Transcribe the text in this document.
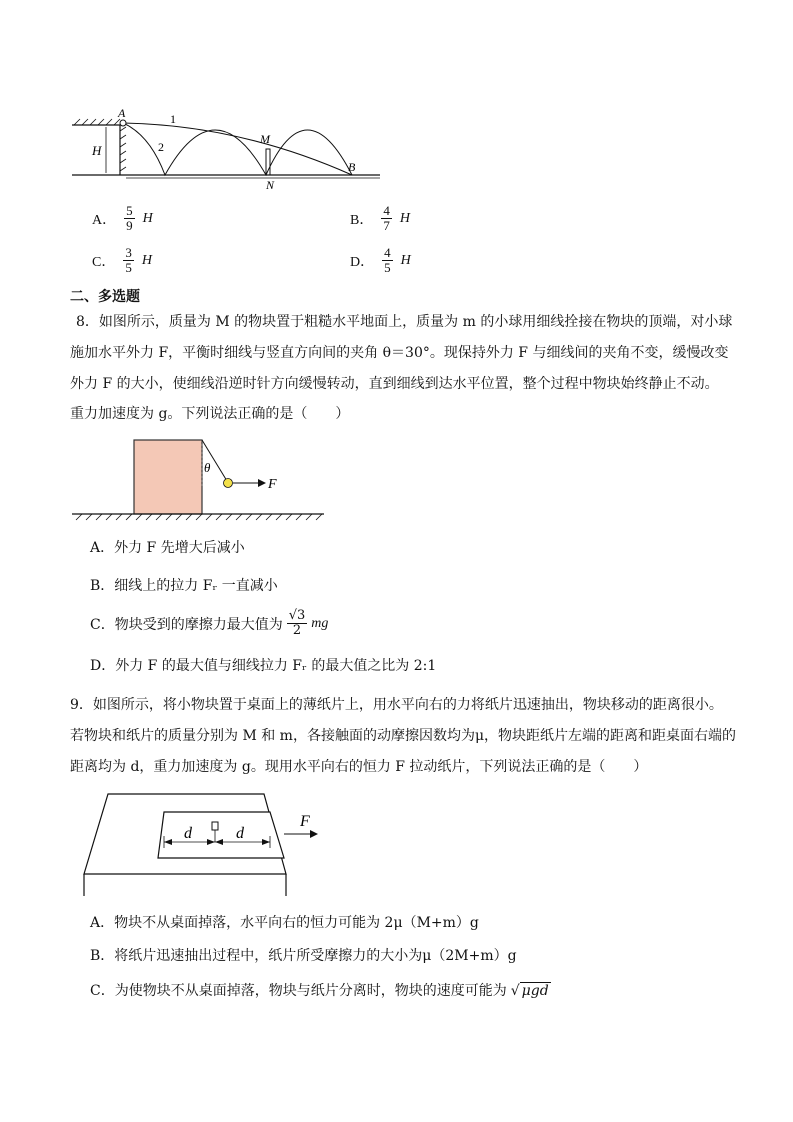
A
H
1
2
M
N
B
A． $\frac{5}{9}$ H	B． $\frac{4}{7}$ H
C． $\frac{3}{5}$ H	D． $\frac{4}{5}$ H
二、多选题
8．如图所示，质量为 M 的物块置于粗糙水平地面上，质量为 m 的小球用细线拴接在物块的顶端，对小球
施加水平外力 F，平衡时细线与竖直方向间的夹角 θ＝30°。现保持外力 F 与细线间的夹角不变，缓慢改变
外力 F 的大小，使细线沿逆时针方向缓慢转动，直到细线到达水平位置，整个过程中物块始终静止不动。
重力加速度为 g。下列说法正确的是（　　）
θ
F
A．外力 F 先增大后减小
B．细线上的拉力 Fᵣ 一直减小
C．物块受到的摩擦力最大值为 $\frac{√3}{2}$ mg
D．外力 F 的最大值与细线拉力 Fᵣ 的最大值之比为 2:1
9．如图所示，将小物块置于桌面上的薄纸片上，用水平向右的力将纸片迅速抽出，物块移动的距离很小。
若物块和纸片的质量分别为 M 和 m，各接触面的动摩擦因数均为μ，物块距纸片左端的距离和距桌面右端的
距离均为 d，重力加速度为 g。现用水平向右的恒力 F 拉动纸片，下列说法正确的是（　　）
d	d
F
A．物块不从桌面掉落，水平向右的恒力可能为 2μ（M+m）g
B．将纸片迅速抽出过程中，纸片所受摩擦力的大小为μ（2M+m）g
C．为使物块不从桌面掉落，物块与纸片分离时，物块的速度可能为 √ μgd
